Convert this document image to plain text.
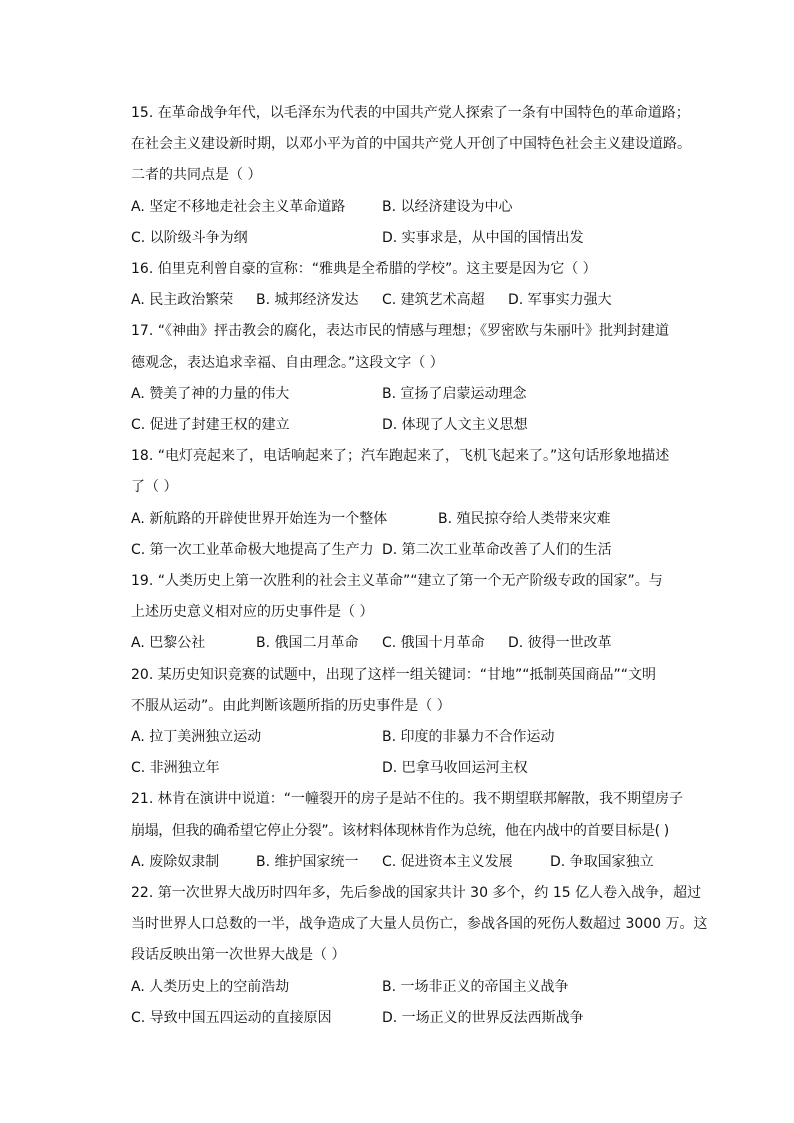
15. 在革命战争年代，以毛泽东为代表的中国共产党人探索了一条有中国特色的革命道路；
在社会主义建设新时期，以邓小平为首的中国共产党人开创了中国特色社会主义建设道路。
二者的共同点是（ ）
A. 坚定不移地走社会主义革命道路	B. 以经济建设为中心
C. 以阶级斗争为纲	D. 实事求是，从中国的国情出发
16. 伯里克利曾自豪的宣称：“雅典是全希腊的学校”。这主要是因为它（ ）
A. 民主政治繁荣	B. 城邦经济发达	C. 建筑艺术高超	D. 军事实力强大
17. “《神曲》抨击教会的腐化，表达市民的情感与理想；《罗密欧与朱丽叶》批判封建道
德观念，表达追求幸福、自由理念。”这段文字（ ）
A. 赞美了神的力量的伟大	B. 宣扬了启蒙运动理念
C. 促进了封建王权的建立	D. 体现了人文主义思想
18. “电灯亮起来了，电话响起来了；汽车跑起来了，飞机飞起来了。”这句话形象地描述
了（ ）
A. 新航路的开辟使世界开始连为一个整体	B. 殖民掠夺给人类带来灾难
C. 第一次工业革命极大地提高了生产力 D. 第二次工业革命改善了人们的生活
19. “人类历史上第一次胜利的社会主义革命”“建立了第一个无产阶级专政的国家”。与
上述历史意义相对应的历史事件是（ ）
A. 巴黎公社	B. 俄国二月革命	C. 俄国十月革命	D. 彼得一世改革
20. 某历史知识竞赛的试题中，出现了这样一组关键词：“甘地”“抵制英国商品”“文明
不服从运动”。由此判断该题所指的历史事件是（ ）
A. 拉丁美洲独立运动	B. 印度的非暴力不合作运动
C. 非洲独立年	D. 巴拿马收回运河主权
21. 林肯在演讲中说道：“一幢裂开的房子是站不住的。我不期望联邦解散，我不期望房子
崩塌，但我的确希望它停止分裂”。该材料体现林肯作为总统，他在内战中的首要目标是( )
A. 废除奴隶制	B. 维护国家统一	C. 促进资本主义发展	D. 争取国家独立
22. 第一次世界大战历时四年多，先后参战的国家共计 30 多个，约 15 亿人卷入战争，超过
当时世界人口总数的一半，战争造成了大量人员伤亡，参战各国的死伤人数超过 3000 万。这
段话反映出第一次世界大战是（ ）
A. 人类历史上的空前浩劫	B. 一场非正义的帝国主义战争
C. 导致中国五四运动的直接原因	D. 一场正义的世界反法西斯战争
